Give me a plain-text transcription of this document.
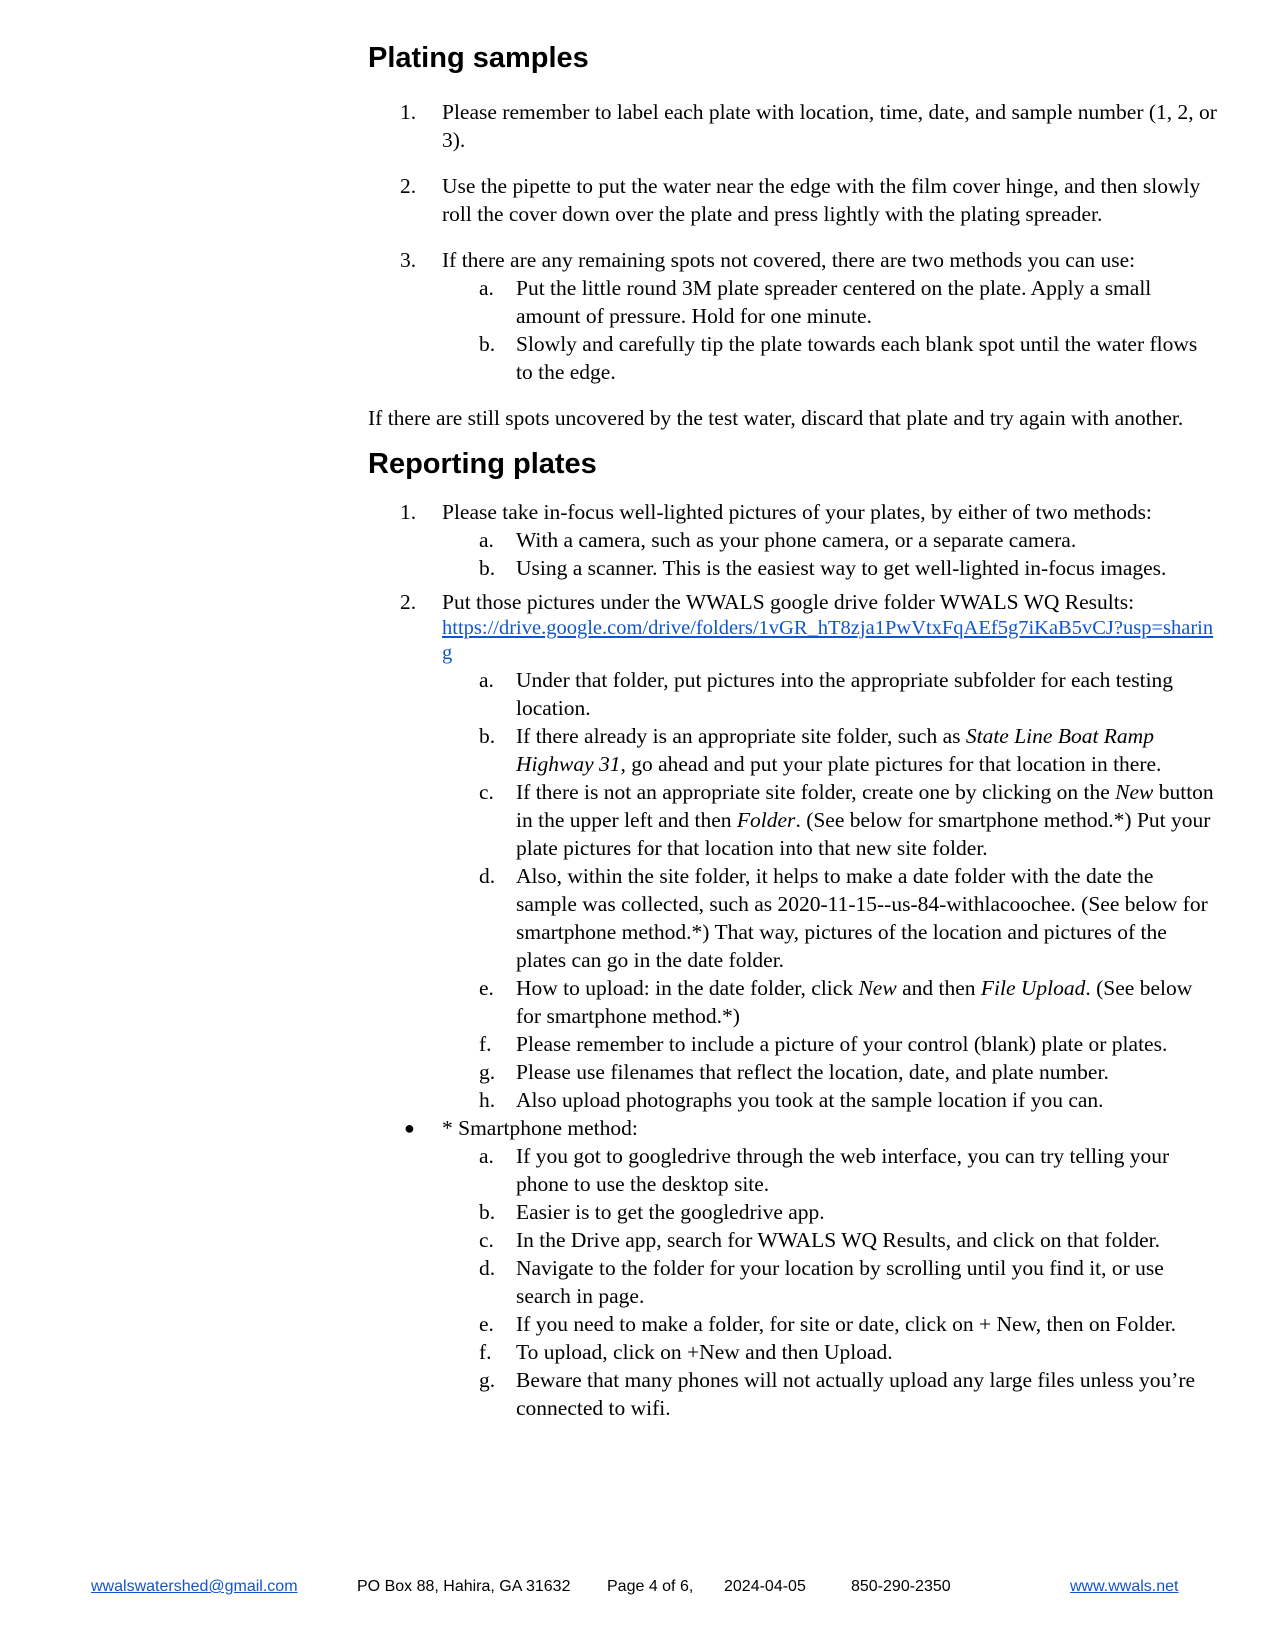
Plating samples
1.	Please remember to label each plate with location, time, date, and sample number (1, 2, or 3).
2.	Use the pipette to put the water near the edge with the film cover hinge, and then slowly roll the cover down over the plate and press lightly with the plating spreader.
3.	If there are any remaining spots not covered, there are two methods you can use:
a.	Put the little round 3M plate spreader centered on the plate. Apply a small amount of pressure. Hold for one minute.
b. Slowly and carefully tip the plate towards each blank spot until the water flows to the edge.
If there are still spots uncovered by the test water, discard that plate and try again with another.
Reporting plates
1.	Please take in-focus well-lighted pictures of your plates, by either of two methods:
a.	With a camera, such as your phone camera, or a separate camera.
b. Using a scanner. This is the easiest way to get well-lighted in-focus images.
2.	Put those pictures under the WWALS google drive folder WWALS WQ Results:
https://drive.google.com/drive/folders/1vGR_hT8zja1PwVtxFqAEf5g7iKaB5vCJ?usp=sharing
a.	Under that folder, put pictures into the appropriate subfolder for each testing location.
b. If there already is an appropriate site folder, such as State Line Boat Ramp Highway 31, go ahead and put your plate pictures for that location in there.
c.	If there is not an appropriate site folder, create one by clicking on the New button in the upper left and then Folder. (See below for smartphone method.*) Put your plate pictures for that location into that new site folder.
d. Also, within the site folder, it helps to make a date folder with the date the sample was collected, such as 2020-11-15--us-84-withlacoochee. (See below for smartphone method.*) That way, pictures of the location and pictures of the plates can go in the date folder.
e.	How to upload: in the date folder, click New and then File Upload. (See below for smartphone method.*)
f.	Please remember to include a picture of your control (blank) plate or plates.
g. Please use filenames that reflect the location, date, and plate number.
h. Also upload photographs you took at the sample location if you can.
●	* Smartphone method:
a.	If you got to googledrive through the web interface, you can try telling your phone to use the desktop site.
b. Easier is to get the googledrive app.
c.	In the Drive app, search for WWALS WQ Results, and click on that folder.
d. Navigate to the folder for your location by scrolling until you find it, or use search in page.
e.	If you need to make a folder, for site or date, click on + New, then on Folder.
f.	To upload, click on +New and then Upload.
g. Beware that many phones will not actually upload any large files unless you’re connected to wifi.
wwalswatershed@gmail.com	PO Box 88, Hahira, GA 31632 Page 4 of 6, 2024-04-05	850-290-2350	www.wwals.net
